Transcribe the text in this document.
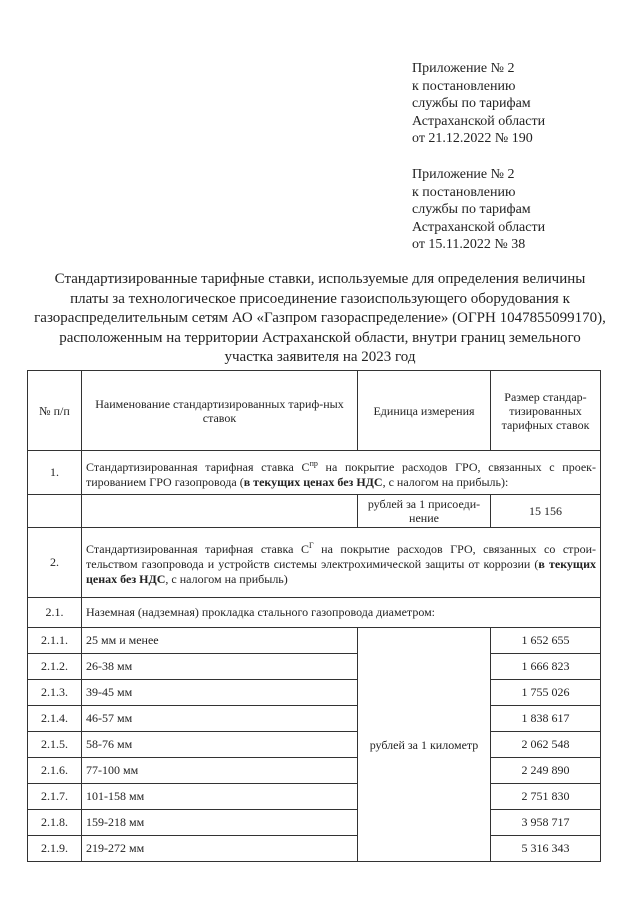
Приложение № 2
к постановлению
службы по тарифам
Астраханской области
от 21.12.2022 № 190
Приложение № 2
к постановлению
службы по тарифам
Астраханской области
от 15.11.2022 № 38
Стандартизированные тарифные ставки, используемые для определения величины платы за технологическое присоединение газоиспользующего оборудования к газораспределительным сетям АО «Газпром газораспределение» (ОГРН 1047855099170), расположенным на территории Астраханской области, внутри границ земельного участка заявителя на 2023 год
№ п/п	Наименование стандартизированных тариф-ных ставок	Единица измерения	Размер стандар-тизированных тарифных ставок
1.	Стандартизированная тарифная ставка $С^{пр}$ на покрытие расходов ГРО, связанных с проек-тированием ГРО газопровода (в текущих ценах без НДС, с налогом на прибыль):		
		рублей за 1 присоеди-нение	15 156
2.	Стандартизированная тарифная ставка $С^Г$ на покрытие расходов ГРО, связанных со строи-тельством газопровода и устройств системы электрохимической защиты от коррозии (в текущих ценах без НДС, с налогом на прибыль)		
2.1.	Наземная (надземная) прокладка стального газопровода диаметром:		
2.1.1.	25 мм и менее	рублей за 1 километр	1 652 655
2.1.2.	26-38 мм		1 666 823
2.1.3.	39-45 мм		1 755 026
2.1.4.	46-57 мм		1 838 617
2.1.5.	58-76 мм		2 062 548
2.1.6.	77-100 мм		2 249 890
2.1.7.	101-158 мм		2 751 830
2.1.8.	159-218 мм		3 958 717
2.1.9.	219-272 мм		5 316 343
